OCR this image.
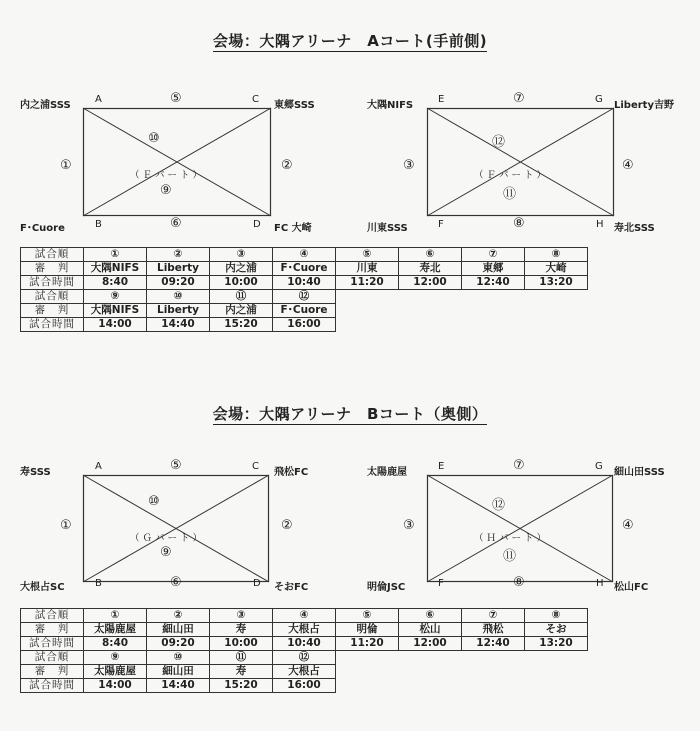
会場：大隅アリーナ　Aコート(手前側)
内之浦SSS
A	⑤	C
東郷SSS
⑩
（Ｅパート）
⑨
①	②
F･Cuore	B	⑥	D FC 大崎
大隅NIFS
E	⑦	G
Liberty吉野
⑫
（Ｆパート）
⑪
③	④
川東SSS	F	⑧	H 寿北SSS
試合順	①	②	③	④	⑤	⑥	⑦	⑧
審　判	大隅NIFS	Liberty	内之浦	F･Cuore	川東	寿北	東郷	大崎
試合時間	8:40	09:20	10:00	10:40	11:20	12:00	12:40	13:20
試合順	⑨	⑩	⑪	⑫				
審　判	大隅NIFS	Liberty	内之浦	F･Cuore				
試合時間	14:00	14:40	15:20	16:00				
会場：大隅アリーナ　Bコート（奥側）
寿SSS
A	⑤	C
飛松FC
⑩
（Ｇパート）
⑨
①	②
大根占SC	B	⑥	D そおFC
太陽鹿屋
E	⑦	G
細山田SSS
⑫
（Ｈパート）
⑪
③	④
明倫JSC	F	⑧	H 松山FC
試合順	①	②	③	④	⑤	⑥	⑦	⑧
審　判	太陽鹿屋	細山田	寿	大根占	明倫	松山	飛松	そお
試合時間	8:40	09:20	10:00	10:40	11:20	12:00	12:40	13:20
試合順	⑨	⑩	⑪	⑫				
審　判	太陽鹿屋	細山田	寿	大根占				
試合時間	14:00	14:40	15:20	16:00				
